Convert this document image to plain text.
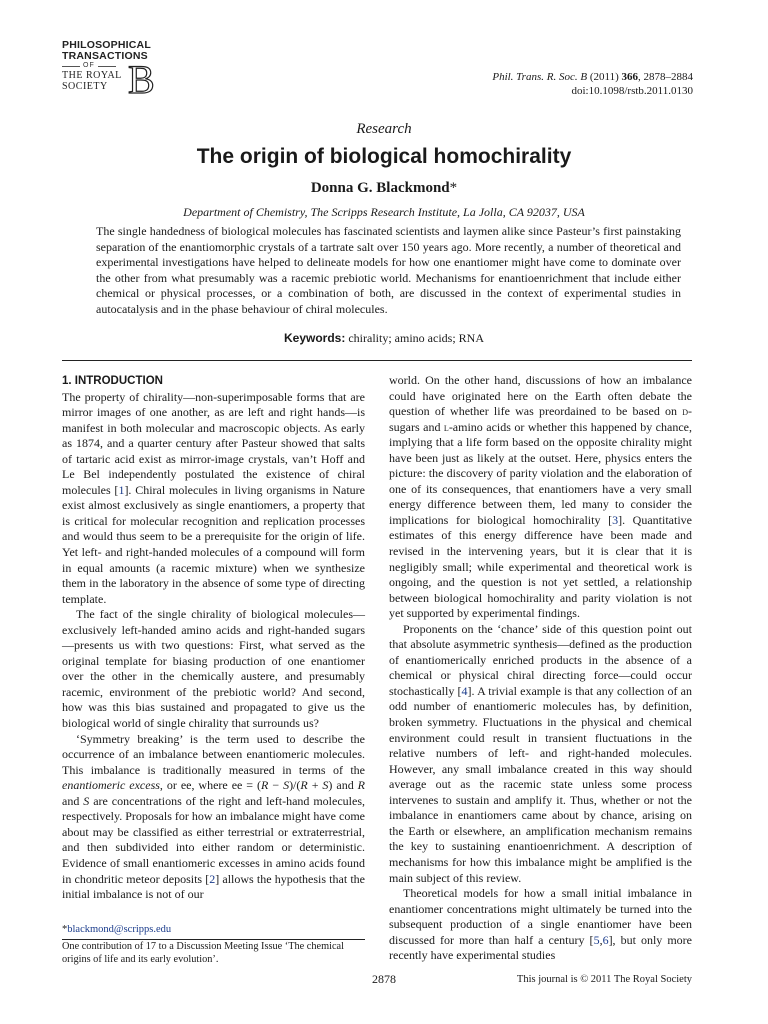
PHILOSOPHICAL
TRANSACTIONS
OF
THE ROYAL
SOCIETY B	Phil. Trans. R. Soc. B (2011) 366, 2878–2884
doi:10.1098/rstb.2011.0130
Research
The origin of biological homochirality
Donna G. Blackmond*
Department of Chemistry, The Scripps Research Institute, La Jolla, CA 92037, USA

The single handedness of biological molecules has fascinated scientists and laymen alike since Pasteur’s first painstaking separation of the enantiomorphic crystals of a tartrate salt over 150 years ago. More recently, a number of theoretical and experimental investigations have helped to delineate models for how one enantiomer might have come to dominate over the other from what presumably was a racemic prebiotic world. Mechanisms for enantioenrichment that include either chemical or physical processes, or a combination of both, are discussed in the context of experimental studies in autocatalysis and in the phase behaviour of chiral molecules.

Keywords: chirality; amino acids; RNA

1. INTRODUCTION

The property of chirality—non-superimposable forms that are mirror images of one another, as are left and right hands—is manifest in both molecular and macroscopic objects. As early as 1874, and a quarter century after Pasteur showed that salts of tartaric acid exist as mirror-image crystals, van’t Hoff and Le Bel independently postulated the existence of chiral molecules [1]. Chiral molecules in living organisms in Nature exist almost exclusively as single enantiomers, a property that is critical for molecular recognition and replication processes and would thus seem to be a prerequisite for the origin of life. Yet left- and right-handed molecules of a compound will form in equal amounts (a racemic mixture) when we synthesize them in the laboratory in the absence of some type of directing template.

The fact of the single chirality of biological molecules—exclusively left-handed amino acids and right-handed sugars—presents us with two questions: First, what served as the original template for biasing production of one enantiomer over the other in the chemically austere, and presumably racemic, environment of the prebiotic world? And second, how was this bias sustained and propagated to give us the biological world of single chirality that surrounds us?

‘Symmetry breaking’ is the term used to describe the occurrence of an imbalance between enantiomeric molecules. This imbalance is traditionally measured in terms of the enantiomeric excess, or ee, where ee = (R − S)/(R + S) and R and S are concentrations of the right and left-hand molecules, respectively. Proposals for how an imbalance might have come about may be classified as either terrestrial or extraterrestrial, and then subdivided into either random or deterministic. Evidence of small enantiomeric excesses in amino acids found in chondritic meteor deposits [2] allows the hypothesis that the initial imbalance is not of our

world. On the other hand, discussions of how an imbalance could have originated here on the Earth often debate the question of whether life was preordained to be based on d-sugars and l-amino acids or whether this happened by chance, implying that a life form based on the opposite chirality might have been just as likely at the outset. Here, physics enters the picture: the discovery of parity violation and the elaboration of one of its consequences, that enantiomers have a very small energy difference between them, led many to consider the implications for biological homochirality [3]. Quantitative estimates of this energy difference have been made and revised in the intervening years, but it is clear that it is negligibly small; while experimental and theoretical work is ongoing, and the question is not yet settled, a relationship between biological homochirality and parity violation is not yet supported by experimental findings.

Proponents on the ‘chance’ side of this question point out that absolute asymmetric synthesis—defined as the production of enantiomerically enriched products in the absence of a chemical or physical chiral directing force—could occur stochastically [4]. A trivial example is that any collection of an odd number of enantiomeric molecules has, by definition, broken symmetry. Fluctuations in the physical and chemical environment could result in transient fluctuations in the relative numbers of left- and right-handed molecules. However, any small imbalance created in this way should average out as the racemic state unless some process intervenes to sustain and amplify it. Thus, whether or not the imbalance in enantiomers came about by chance, arising on the Earth or elsewhere, an amplification mechanism remains the key to sustaining enantioenrichment. A description of mechanisms for how this imbalance might be amplified is the main subject of this review.

Theoretical models for how a small initial imbalance in enantiomer concentrations might ultimately be turned into the subsequent production of a single enantiomer have been discussed for more than half a century [5,6], but only more recently have experimental studies

*blackmond@scripps.edu
One contribution of 17 to a Discussion Meeting Issue ‘The chemical origins of life and its early evolution’.
2878	This journal is © 2011 The Royal Society
